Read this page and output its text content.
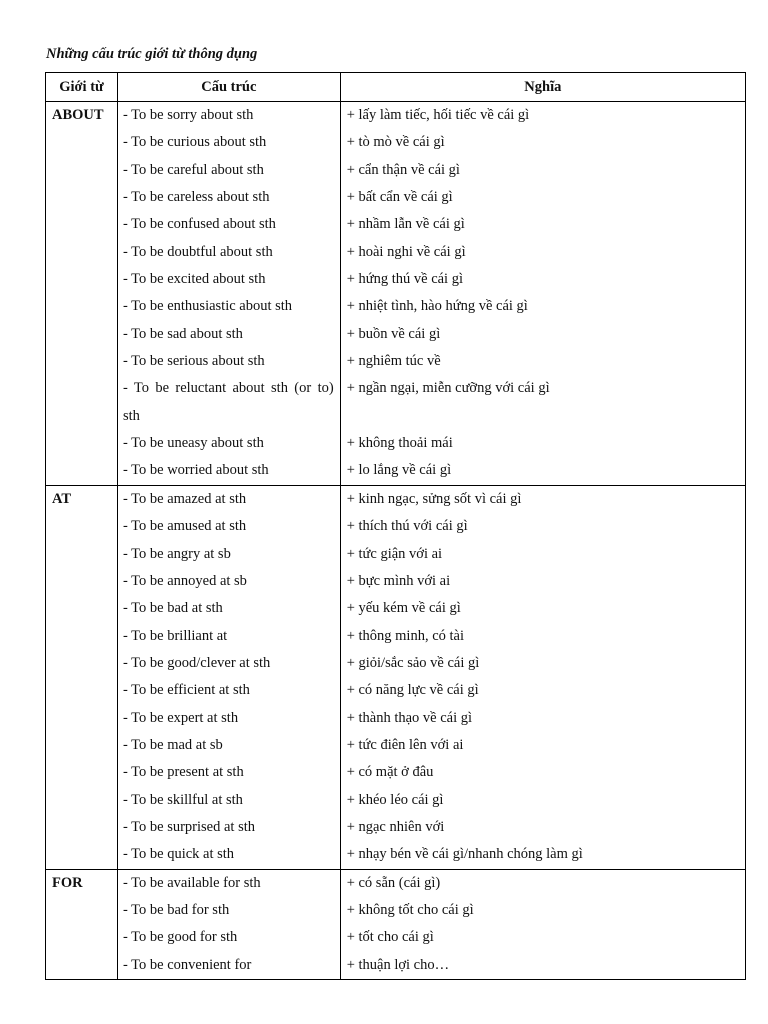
Những cấu trúc giới từ thông dụng
Giới từ	Cấu trúc	Nghĩa
ABOUT	- To be sorry about sth	+ lấy làm tiếc, hối tiếc về cái gì
	- To be curious about sth	+ tò mò về cái gì
	- To be careful about sth	+ cẩn thận về cái gì
	- To be careless about sth	+ bất cẩn về cái gì
	- To be confused about sth	+ nhầm lẫn về cái gì
	- To be doubtful about sth	+ hoài nghi về cái gì
	- To be excited about sth	+ hứng thú về cái gì
	- To be enthusiastic about sth	+ nhiệt tình, hào hứng về cái gì
	- To be sad about sth	+ buồn về cái gì
	- To be serious about sth	+ nghiêm túc về
	- To be reluctant about sth (or to) sth	+ ngần ngại, miễn cưỡng với cái gì
	- To be uneasy about sth	+ không thoải mái
	- To be worried about sth	+ lo lắng về cái gì
AT	- To be amazed at sth	+ kinh ngạc, sửng sốt vì cái gì
	- To be amused at sth	+ thích thú với cái gì
	- To be angry at sb	+ tức giận với ai
	- To be annoyed at sb	+ bực mình với ai
	- To be bad at sth	+ yếu kém về cái gì
	- To be brilliant at	+ thông minh, có tài
	- To be good/clever at sth	+ giỏi/sắc sảo về cái gì
	- To be efficient at sth	+ có năng lực về cái gì
	- To be expert at sth	+ thành thạo về cái gì
	- To be mad at sb	+ tức điên lên với ai
	- To be present at sth	+ có mặt ở đâu
	- To be skillful at sth	+ khéo léo cái gì
	- To be surprised at sth	+ ngạc nhiên với
	- To be quick at sth	+ nhạy bén về cái gì/nhanh chóng làm gì
FOR	- To be available for sth	+ có sẵn (cái gì)
	- To be bad for sth	+ không tốt cho cái gì
	- To be good for sth	+ tốt cho cái gì
	- To be convenient for	+ thuận lợi cho…
